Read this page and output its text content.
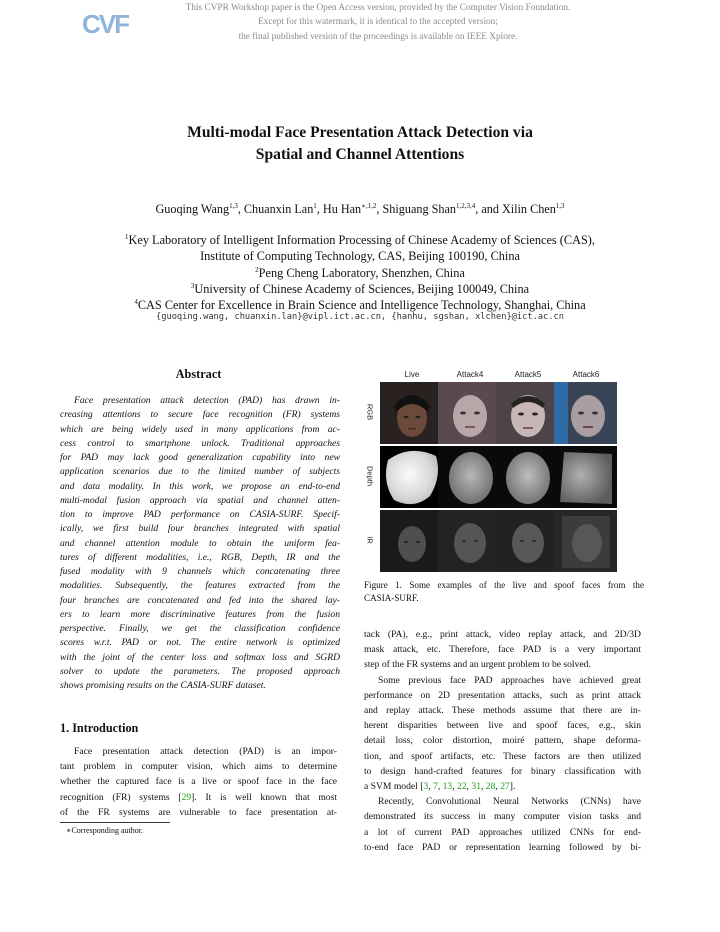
CVF
This CVPR Workshop paper is the Open Access version, provided by the Computer Vision Foundation.
Except for this watermark, it is identical to the accepted version;
the final published version of the proceedings is available on IEEE Xplore.
Multi-modal Face Presentation Attack Detection via
Spatial and Channel Attentions
Guoqing Wang$^{1,3}$, Chuanxin Lan$^1$, Hu Han$^{∗,1,2}$, Shiguang Shan$^{1,2,3,4}$, and Xilin Chen$^{1,3}$
$^1$Key Laboratory of Intelligent Information Processing of Chinese Academy of Sciences (CAS),
Institute of Computing Technology, CAS, Beijing 100190, China
$^2$Peng Cheng Laboratory, Shenzhen, China
$^3$University of Chinese Academy of Sciences, Beijing 100049, China
$^4$CAS Center for Excellence in Brain Science and Intelligence Technology, Shanghai, China
{guoqing.wang, chuanxin.lan}@vipl.ict.ac.cn, {hanhu, sgshan, xlchen}@ict.ac.cn
Abstract
Face presentation attack detection (PAD) has drawn in-
creasing attentions to secure face recognition (FR) systems
which are being widely used in many applications from ac-
cess control to smartphone unlock. Traditional approaches
for PAD may lack good generalization capability into new
application scenarios due to the limited number of subjects
and data modality. In this work, we propose an end-to-end
multi-modal fusion approach via spatial and channel atten-
tion to improve PAD performance on CASIA-SURF. Specif-
ically, we first build four branches integrated with spatial
and channel attention module to obtain the uniform fea-
tures of different modalities, i.e., RGB, Depth, IR and the
fused modality with 9 channels which concatenating three
modalities. Subsequently, the features extracted from the
four branches are concatenated and fed into the shared lay-
ers to learn more discriminative features from the fusion
perspective. Finally, we get the classification confidence
scores w.r.t. PAD or not. The entire network is optimized
with the joint of the center loss and softmax loss and SGRD
solver to update the parameters. The proposed approach
shows promising results on the CASIA-SURF dataset.
1. Introduction
Face presentation attack detection (PAD) is an impor-
tant problem in computer vision, which aims to determine
whether the captured face is a live or spoof face in the face
recognition (FR) systems [29]. It is well known that most
of the FR systems are vulnerable to face presentation at-
∗Corresponding author.
Live	Attack4	Attack5	Attack6
RGB
Depth
IR
Figure 1. Some examples of the live and spoof faces from the
CASIA-SURF.
tack (PA), e.g., print attack, video replay attack, and 2D/3D
mask attack, etc. Therefore, face PAD is a very important
step of the FR systems and an urgent problem to be solved.
Some previous face PAD approaches have achieved great
performance on 2D presentation attacks, such as print attack
and replay attack. These methods assume that there are in-
herent disparities between live and spoof faces, e.g., skin
detail loss, color distortion, moiré pattern, shape deforma-
tion, and spoof artifacts, etc. These factors are then utilized
to design hand-crafted features for binary classification with
a SVM model [3, 7, 13, 22, 31, 28, 27].
Recently, Convolutional Neural Networks (CNNs) have
demonstrated its success in many computer vision tasks and
a lot of current PAD approaches utilized CNNs for end-
to-end face PAD or representation learning followed by bi-
